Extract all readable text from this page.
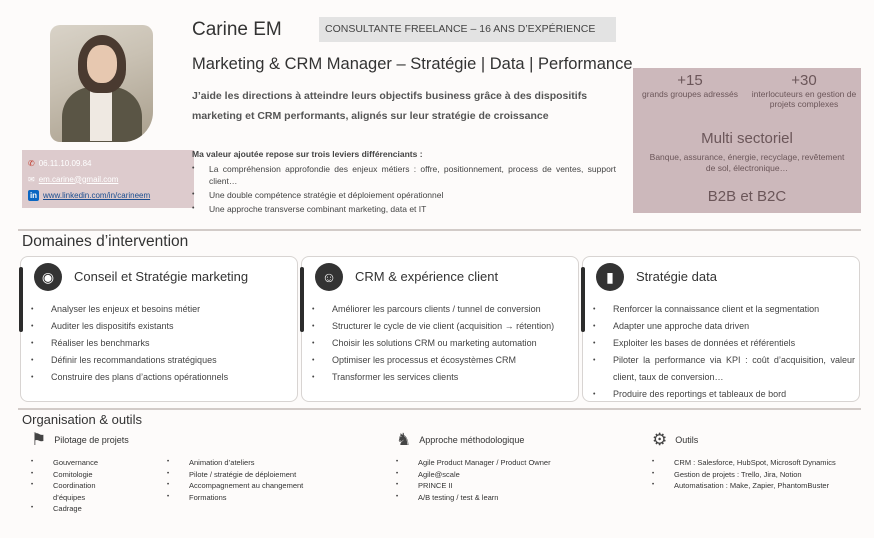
✆ 06.11.10.09.84
✉ em.carine@gmail.com
in www.linkedin.com/in/carineem
Carine EM	CONSULTANTE FREELANCE – 16 ANS D’EXPÉRIENCE
Marketing & CRM Manager – Stratégie | Data | Performance
J’aide les directions à atteindre leurs objectifs business grâce à des dispositifs marketing et CRM performants, alignés sur leur stratégie de croissance
Ma valeur ajoutée repose sur trois leviers différenciants :
• La compréhension approfondie des enjeux métiers : offre, positionnement, process de ventes, support client…
• Une double compétence stratégie et déploiement opérationnel
• Une approche transverse combinant marketing, data et IT
+15
grands groupes adressés
+30
interlocuteurs en gestion de projets complexes
Multi sectoriel
Banque, assurance, énergie, recyclage, revêtement de sol, électronique…
B2B et B2C
Domaines d’intervention
◉	Conseil et Stratégie marketing
• Analyser les enjeux et besoins métier
• Auditer les dispositifs existants
• Réaliser les benchmarks
• Définir les recommandations stratégiques
• Construire des plans d’actions opérationnels
☺	CRM & expérience client
• Améliorer les parcours clients / tunnel de conversion
• Structurer le cycle de vie client (acquisition → rétention)
• Choisir les solutions CRM ou marketing automation
• Optimiser les processus et écosystèmes CRM
• Transformer les services clients
▮	Stratégie data
• Renforcer la connaissance client et la segmentation
• Adapter une approche data driven
• Exploiter les bases de données et référentiels
• Piloter la performance via KPI : coût d’acquisition, valeur client, taux de conversion…
• Produire des reportings et tableaux de bord
Organisation & outils
⚑ Pilotage de projets
• Gouvernance
• Comitologie
• Coordination d’équipes
• Cadrage
• Animation d’ateliers
• Pilote / stratégie de déploiement
• Accompagnement au changement
• Formations
♞ Approche méthodologique
• Agile Product Manager / Product Owner
• Agile@scale
• PRINCE II
• A/B testing / test & learn
⚙ Outils
• CRM : Salesforce, HubSpot, Microsoft Dynamics
• Gestion de projets : Trello, Jira, Notion
• Automatisation : Make, Zapier, PhantomBuster
